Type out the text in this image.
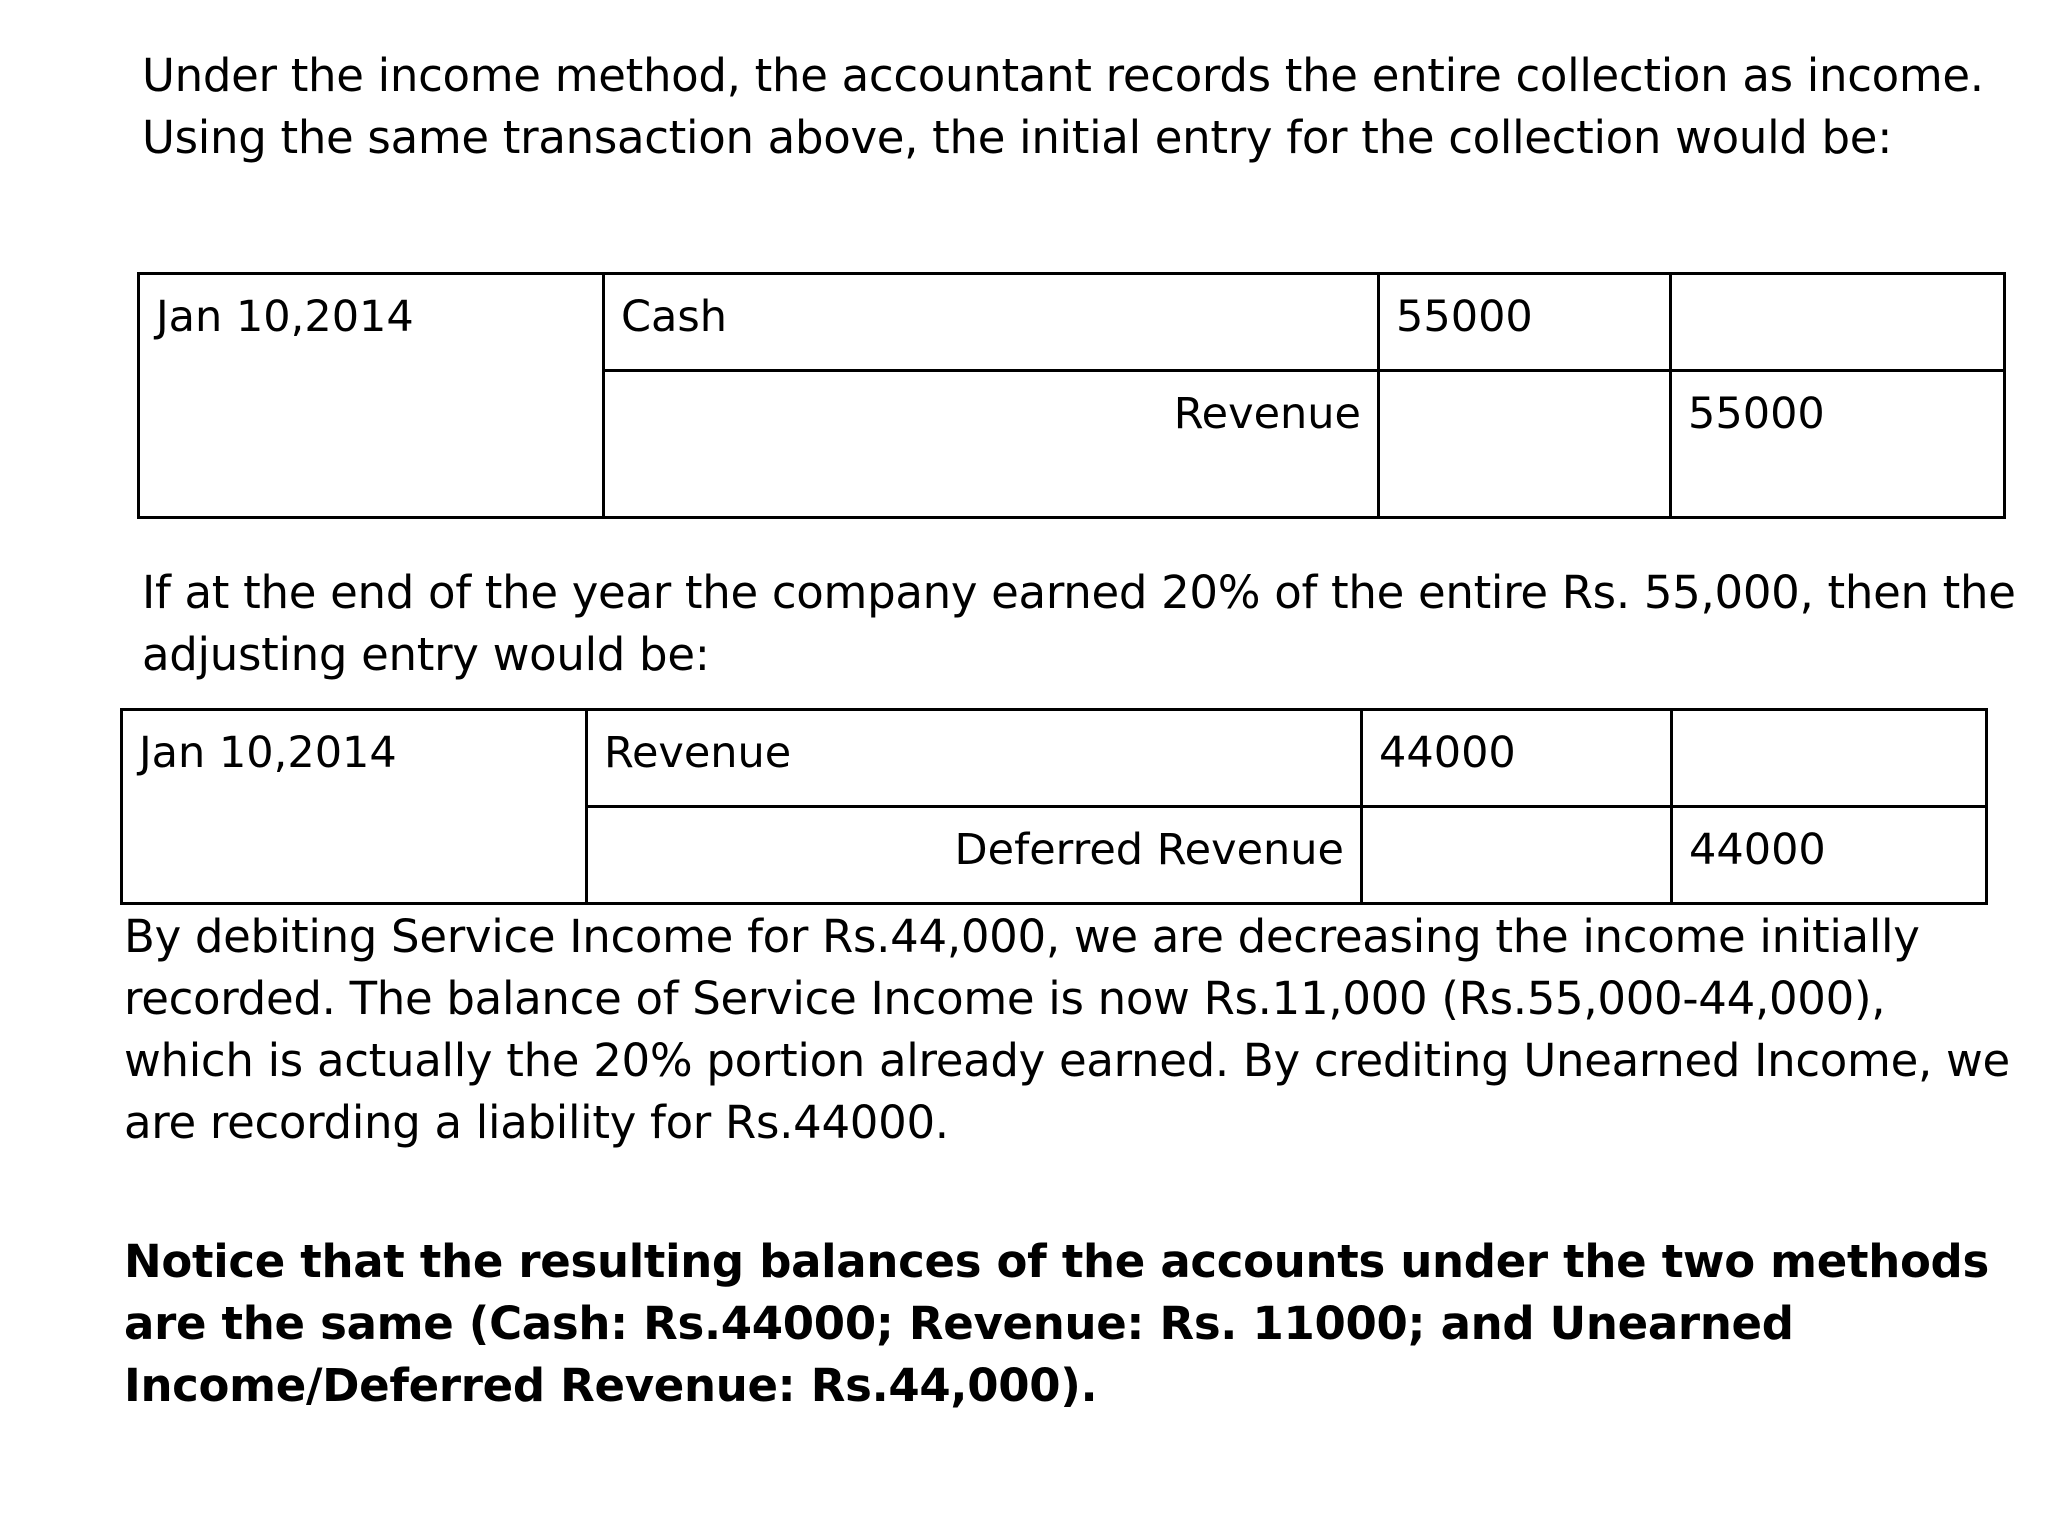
Under the income method, the accountant records the entire collection as income. Using the same transaction above, the initial entry for the collection would be:

Jan 10,2014	Cash	55000	
	Revenue		55000

If at the end of the year the company earned 20% of the entire Rs. 55,000, then the adjusting entry would be:

Jan 10,2014	Revenue	44000	
	Deferred Revenue		44000

By debiting Service Income for Rs.44,000, we are decreasing the income initially recorded. The balance of Service Income is now Rs.11,000 (Rs.55,000-44,000), which is actually the 20% portion already earned. By crediting Unearned Income, we are recording a liability for Rs.44000.

Notice that the resulting balances of the accounts under the two methods are the same (Cash: Rs.44000; Revenue: Rs. 11000; and Unearned Income/Deferred Revenue: Rs.44,000).
